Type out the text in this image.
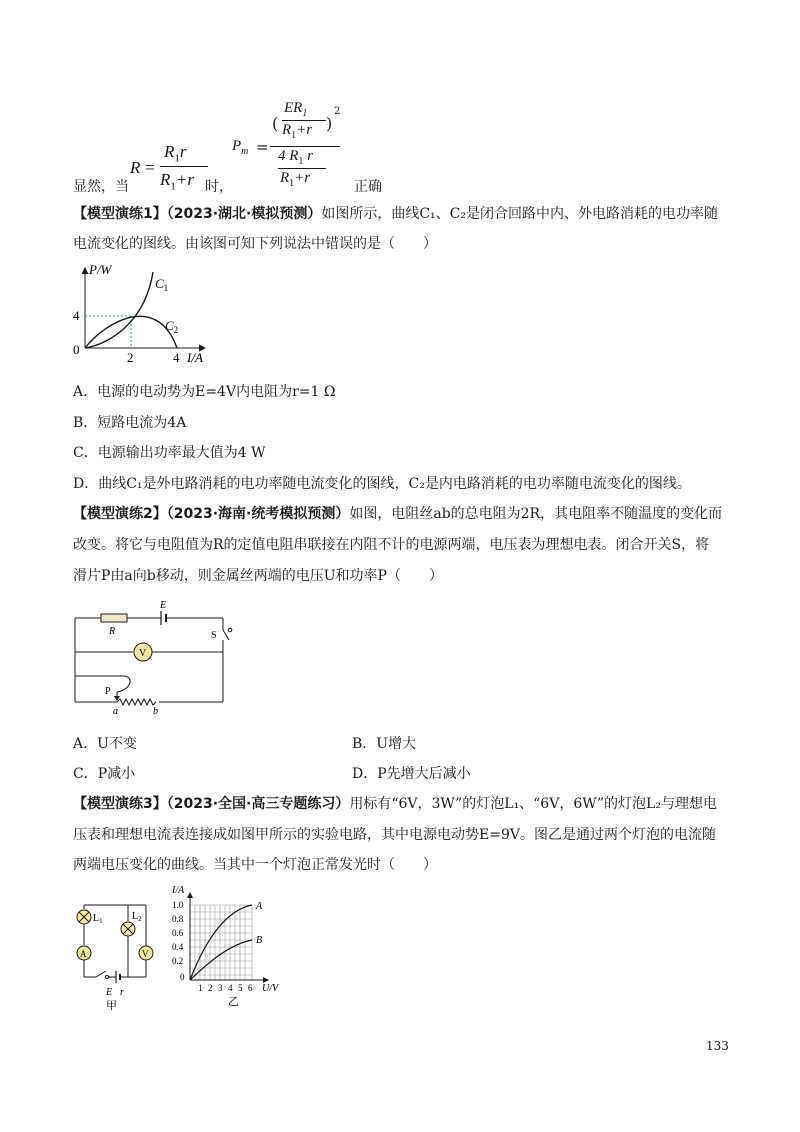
显然，当
R =
$R_1r$
$R_1+r$ 时，
$P_m$ =
(
$ER_1$
$R_1+r$ )
2
4 $R_1$ r
$R_1+r$
正确
【模型演练1】（2023·湖北·模拟预测）如图所示，曲线C₁、C₂是闭合回路中内、外电路消耗的电功率随
电流变化的图线。由该图可知下列说法中错误的是（　　）
P/W
I/A
0
4
2	4
$C_1$
$C_2$
A．电源的电动势为E=4V内电阻为r=1 Ω
B．短路电流为4A
C．电源输出功率最大值为4 W
D．曲线C₁是外电路消耗的电功率随电流变化的图线，C₂是内电路消耗的电功率随电流变化的图线。
【模型演练2】（2023·海南·统考模拟预测）如图，电阻丝ab的总电阻为2R，其电阻率不随温度的变化而
改变。将它与电阻值为R的定值电阻串联接在内阻不计的电源两端，电压表为理想电表。闭合开关S，将
滑片P由a向b移动，则金属丝两端的电压U和功率P（　　）
R
E
S
V
P
a	b
A．U不变	B．U增大
C．P减小	D．P先增大后减小
【模型演练3】（2023·全国·高三专题练习）用标有“6V，3W”的灯泡L₁、“6V，6W”的灯泡L₂与理想电
压表和理想电流表连接成如图甲所示的实验电路，其中电源电动势E=9V。图乙是通过两个灯泡的电流随
两端电压变化的曲线。当其中一个灯泡正常发光时（　　）
$L_1$	$L_2$
A	V
E r
甲
I/A
1.0
0.8
0.6
0.4
0.2
0
1 2 3 4 5 6 U/V
A
B
乙
133
